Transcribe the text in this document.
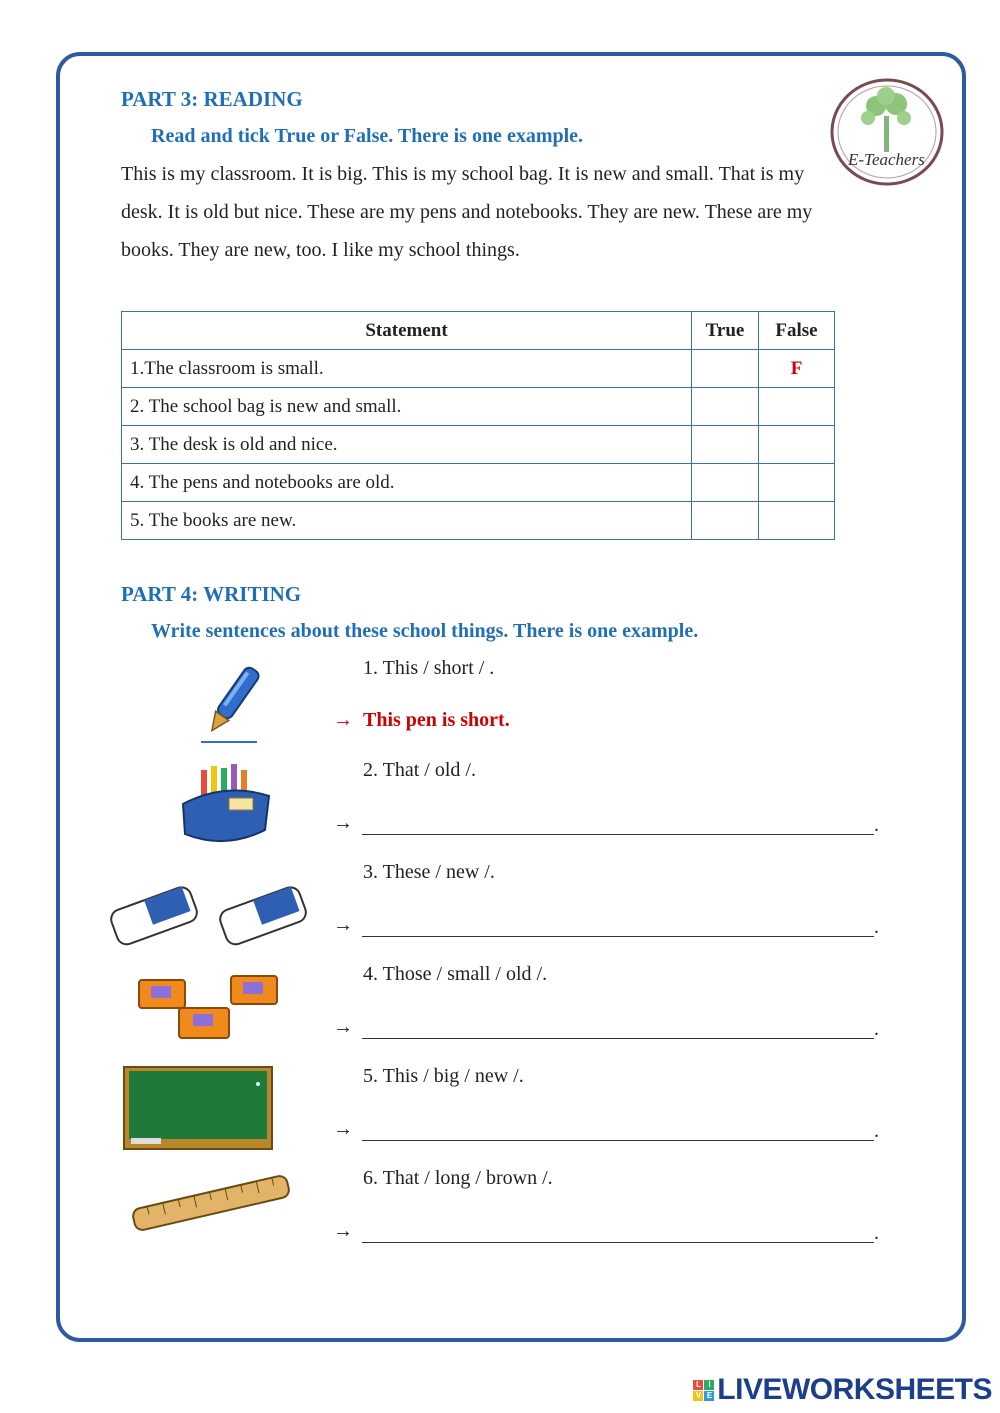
E-Teachers
PART 3: READING
Read and tick True or False. There is one example.
This is my classroom. It is big. This is my school bag. It is new and small. That is my
desk. It is old but nice. These are my pens and notebooks. They are new. These are my
books. They are new, too. I like my school things.
Statement	True	False
1.The classroom is small.		F
2. The school bag is new and small.		
3. The desk is old and nice.		
4. The pens and notebooks are old.		
5. The books are new.		
PART 4: WRITING
Write sentences about these school things. There is one example.
1. This / short / .
→ This pen is short.
2. That / old /.
→	.
3. These / new /.
→	.
4. Those / small / old /.
→	.
5. This / big / new /.
→	.
6. That / long / brown /.
→	.
L I
V E LIVEWORKSHEETS
